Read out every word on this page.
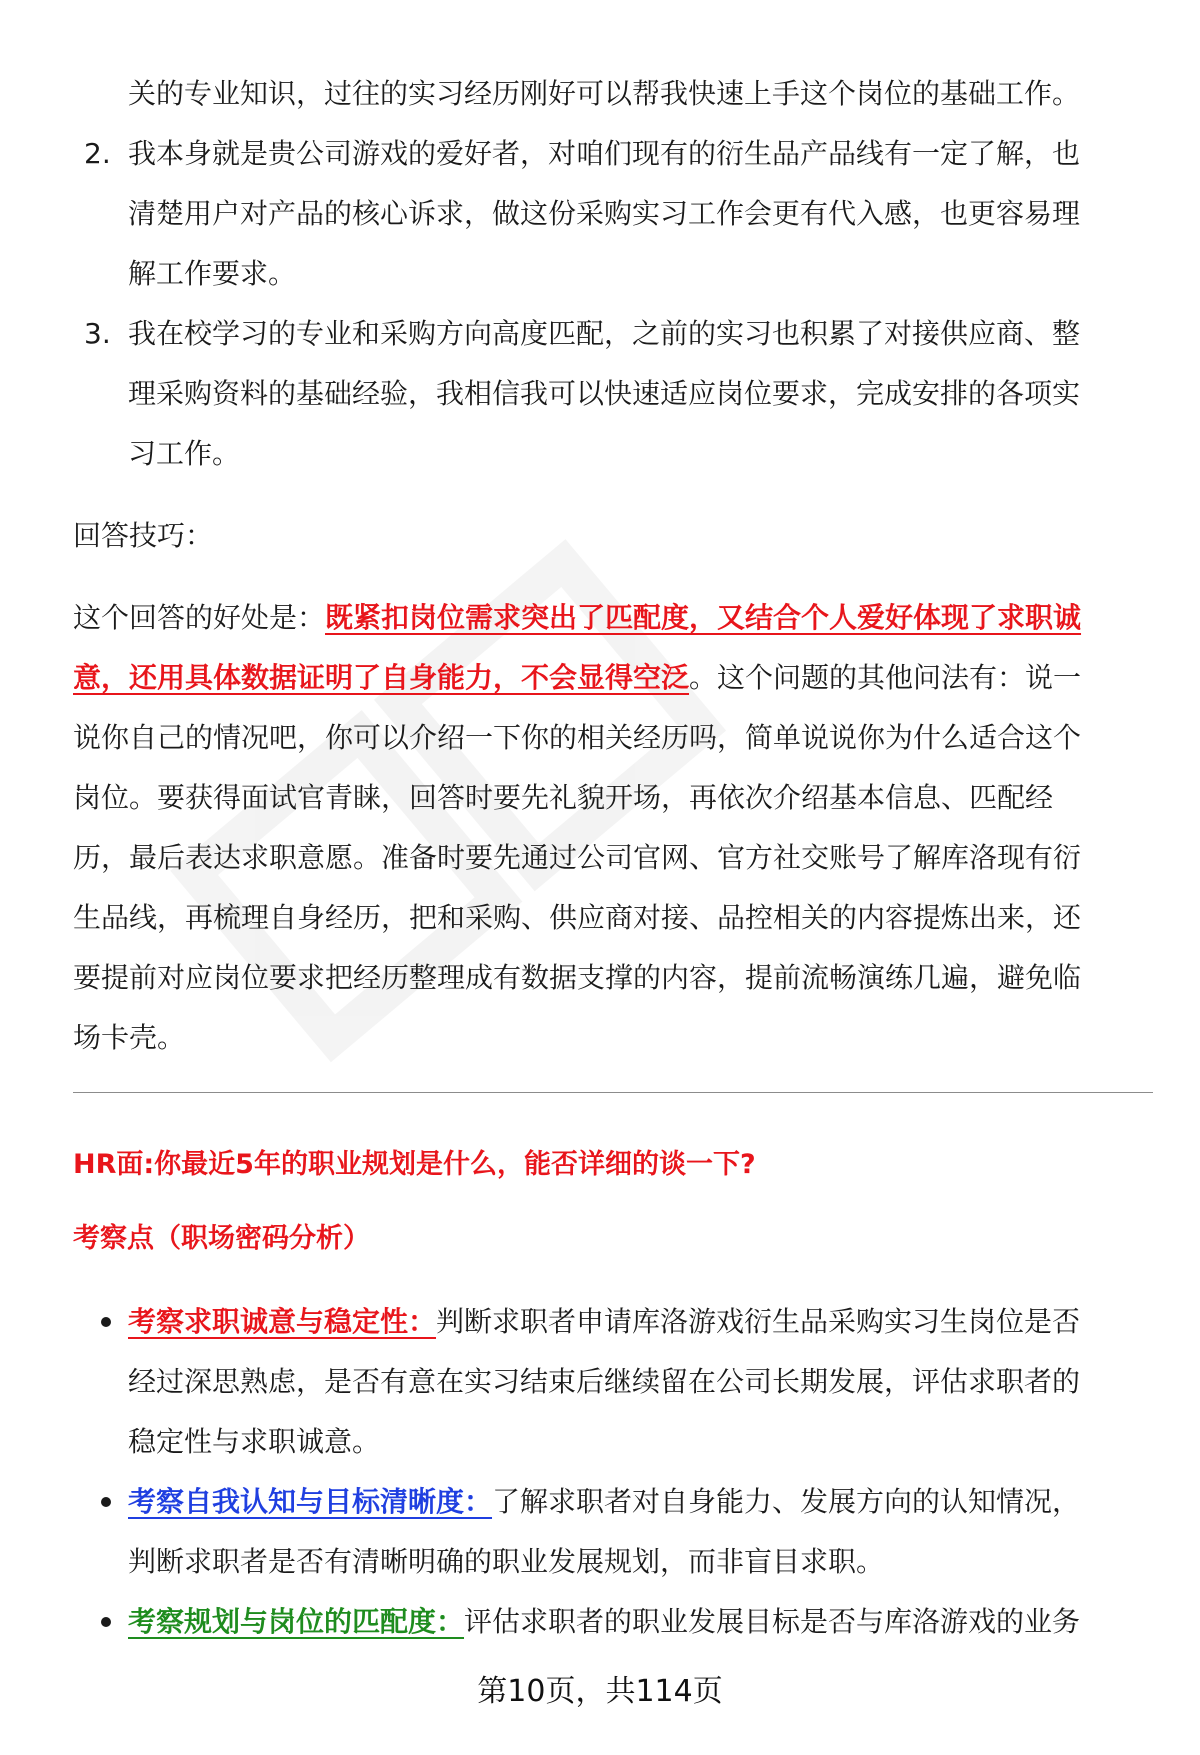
关的专业知识，过往的实习经历刚好可以帮我快速上手这个岗位的基础工作。
2. 我本身就是贵公司游戏的爱好者，对咱们现有的衍生品产品线有一定了解，也
清楚用户对产品的核心诉求，做这份采购实习工作会更有代入感，也更容易理
解工作要求。
3. 我在校学习的专业和采购方向高度匹配，之前的实习也积累了对接供应商、整
理采购资料的基础经验，我相信我可以快速适应岗位要求，完成安排的各项实
习工作。
回答技巧：
这个回答的好处是：既紧扣岗位需求突出了匹配度，又结合个人爱好体现了求职诚
意，还用具体数据证明了自身能力，不会显得空泛。这个问题的其他问法有：说一
说你自己的情况吧，你可以介绍一下你的相关经历吗，简单说说你为什么适合这个
岗位。要获得面试官青睐，回答时要先礼貌开场，再依次介绍基本信息、匹配经
历，最后表达求职意愿。准备时要先通过公司官网、官方社交账号了解库洛现有衍
生品线，再梳理自身经历，把和采购、供应商对接、品控相关的内容提炼出来，还
要提前对应岗位要求把经历整理成有数据支撑的内容，提前流畅演练几遍，避免临
场卡壳。
HR面:你最近5年的职业规划是什么，能否详细的谈一下?
考察点（职场密码分析）
考察求职诚意与稳定性：判断求职者申请库洛游戏衍生品采购实习生岗位是否
经过深思熟虑，是否有意在实习结束后继续留在公司长期发展，评估求职者的
稳定性与求职诚意。
考察自我认知与目标清晰度：了解求职者对自身能力、发展方向的认知情况，
判断求职者是否有清晰明确的职业发展规划，而非盲目求职。
考察规划与岗位的匹配度：评估求职者的职业发展目标是否与库洛游戏的业务
第10页，共114页
